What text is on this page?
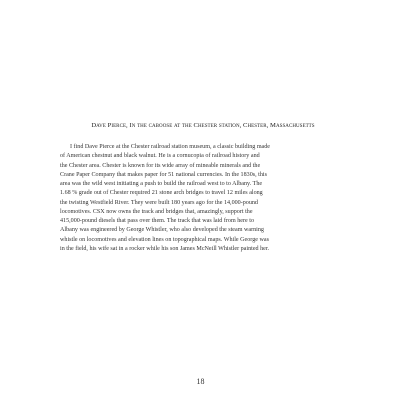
Dave Pierce, In the caboose at the Chester station, Chester, Massachusetts
I find Dave Pierce at the Chester railroad station museum, a classic building made
of American chestnut and black walnut. He is a cornucopia of railroad history and
the Chester area. Chester is known for its wide array of mineable minerals and the
Crane Paper Company that makes paper for 51 national currencies. In the 1830s, this
area was the wild west initiating a push to build the railroad west to to Albany. The
1.68 % grade out of Chester required 21 stone arch bridges to travel 12 miles along
the twisting Westfield River. They were built 180 years ago for the 14,000-pound
locomotives. CSX now owns the track and bridges that, amazingly, support the
415,000-pound diesels that pass over them. The track that was laid from here to
Albany was engineered by George Whistler, who also developed the steam warning
whistle on locomotives and elevation lines on topographical maps. While George was
in the field, his wife sat in a rocker while his son James McNeill Whistler painted her.
18
